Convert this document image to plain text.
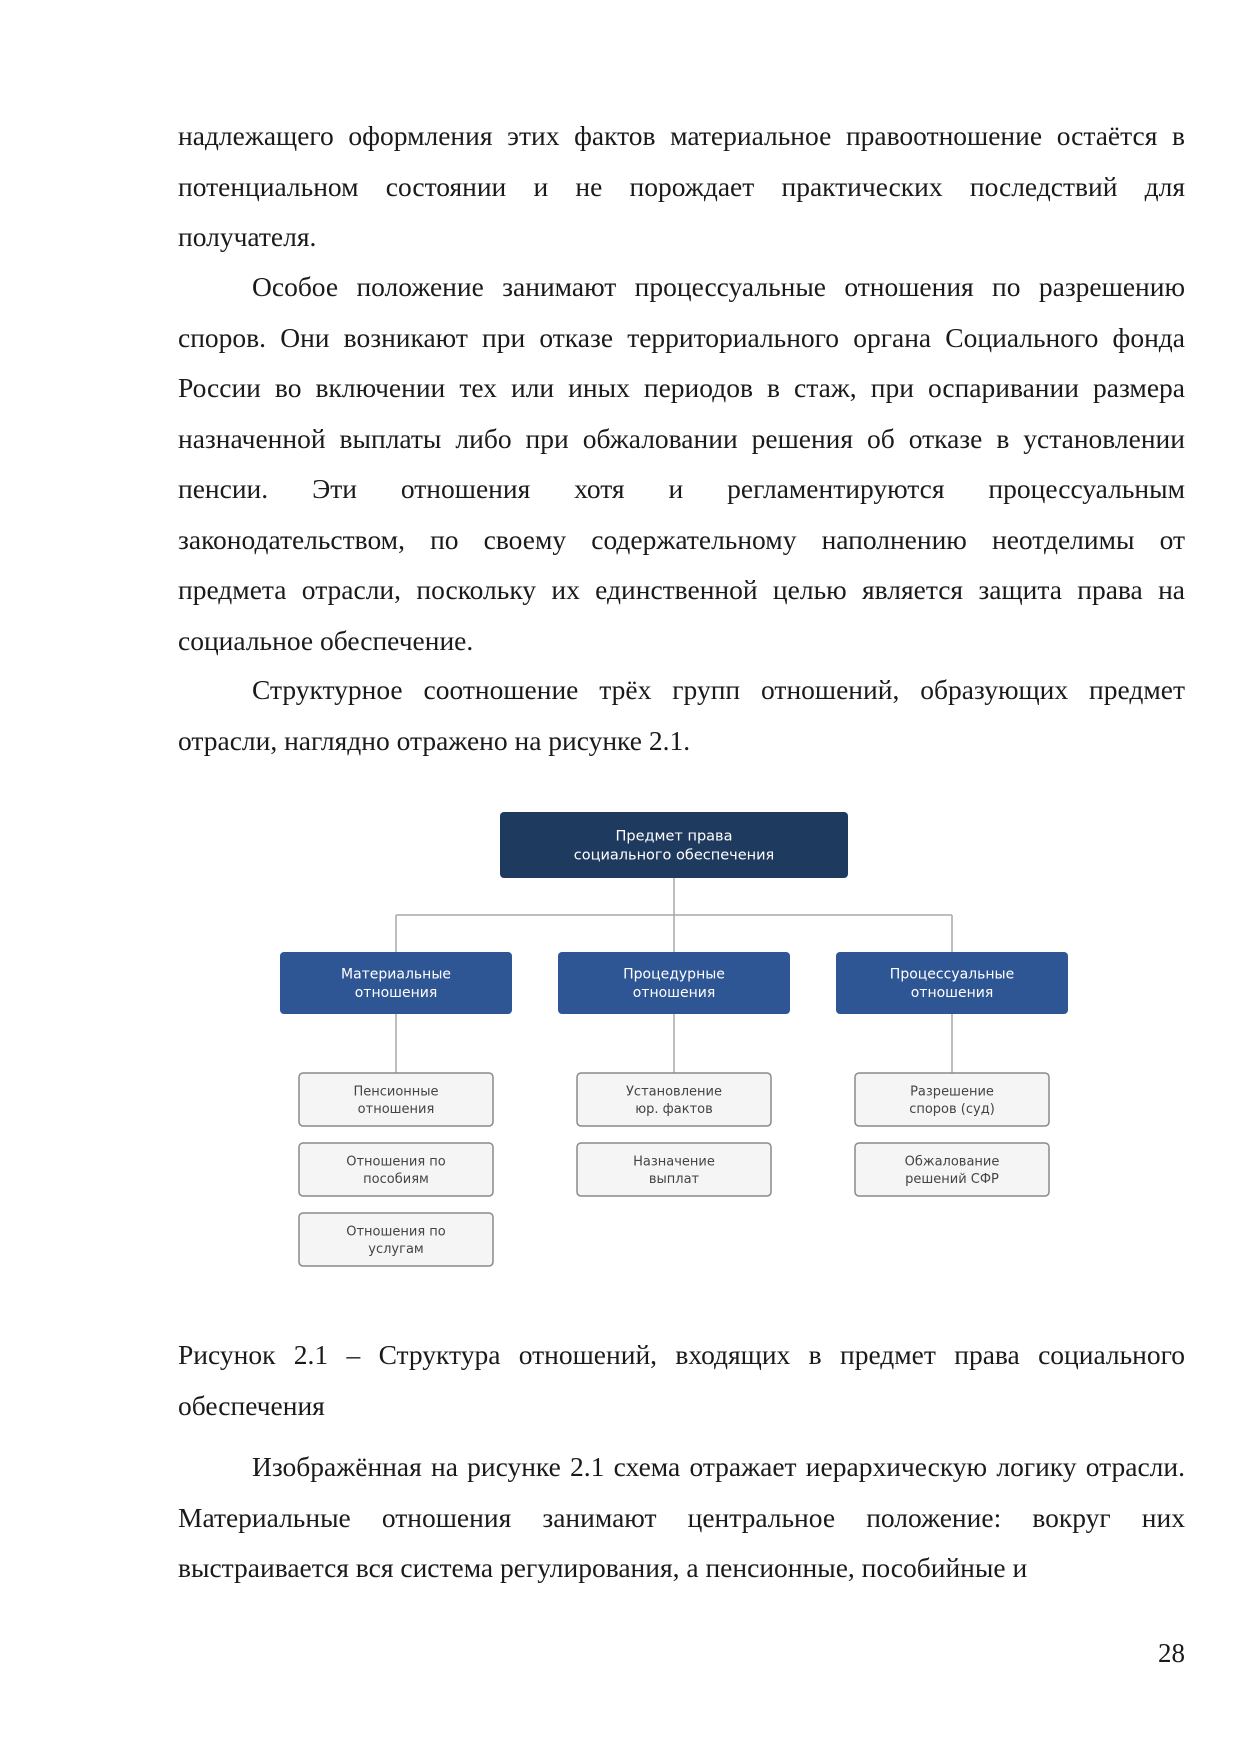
надлежащего оформления этих фактов материальное правоотношение остаётся в потенциальном состоянии и не порождает практических последствий для получателя.

Особое положение занимают процессуальные отношения по разрешению споров. Они возникают при отказе территориального органа Социального фонда России во включении тех или иных периодов в стаж, при оспаривании размера назначенной выплаты либо при обжаловании решения об отказе в установлении пенсии. Эти отношения хотя и регламентируются процессуальным законодательством, по своему содержательному наполнению неотделимы от предмета отрасли, поскольку их единственной целью является защита права на социальное обеспечение.

Структурное соотношение трёх групп отношений, образующих предмет отрасли, наглядно отражено на рисунке 2.1.

Предмет права
социального обеспечения
Материальные
отношения
Пенсионные
отношения
Отношения по
пособиям
Отношения по
услугам
Процедурные
отношения
Установление
юр. фактов
Назначение
выплат
Процессуальные
отношения
Разрешение
споров (суд)
Обжалование
решений СФР

Рисунок 2.1 – Структура отношений, входящих в предмет права социального обеспечения

Изображённая на рисунке 2.1 схема отражает иерархическую логику отрасли. Материальные отношения занимают центральное положение: вокруг них выстраивается вся система регулирования, а пенсионные, пособийные и

28
